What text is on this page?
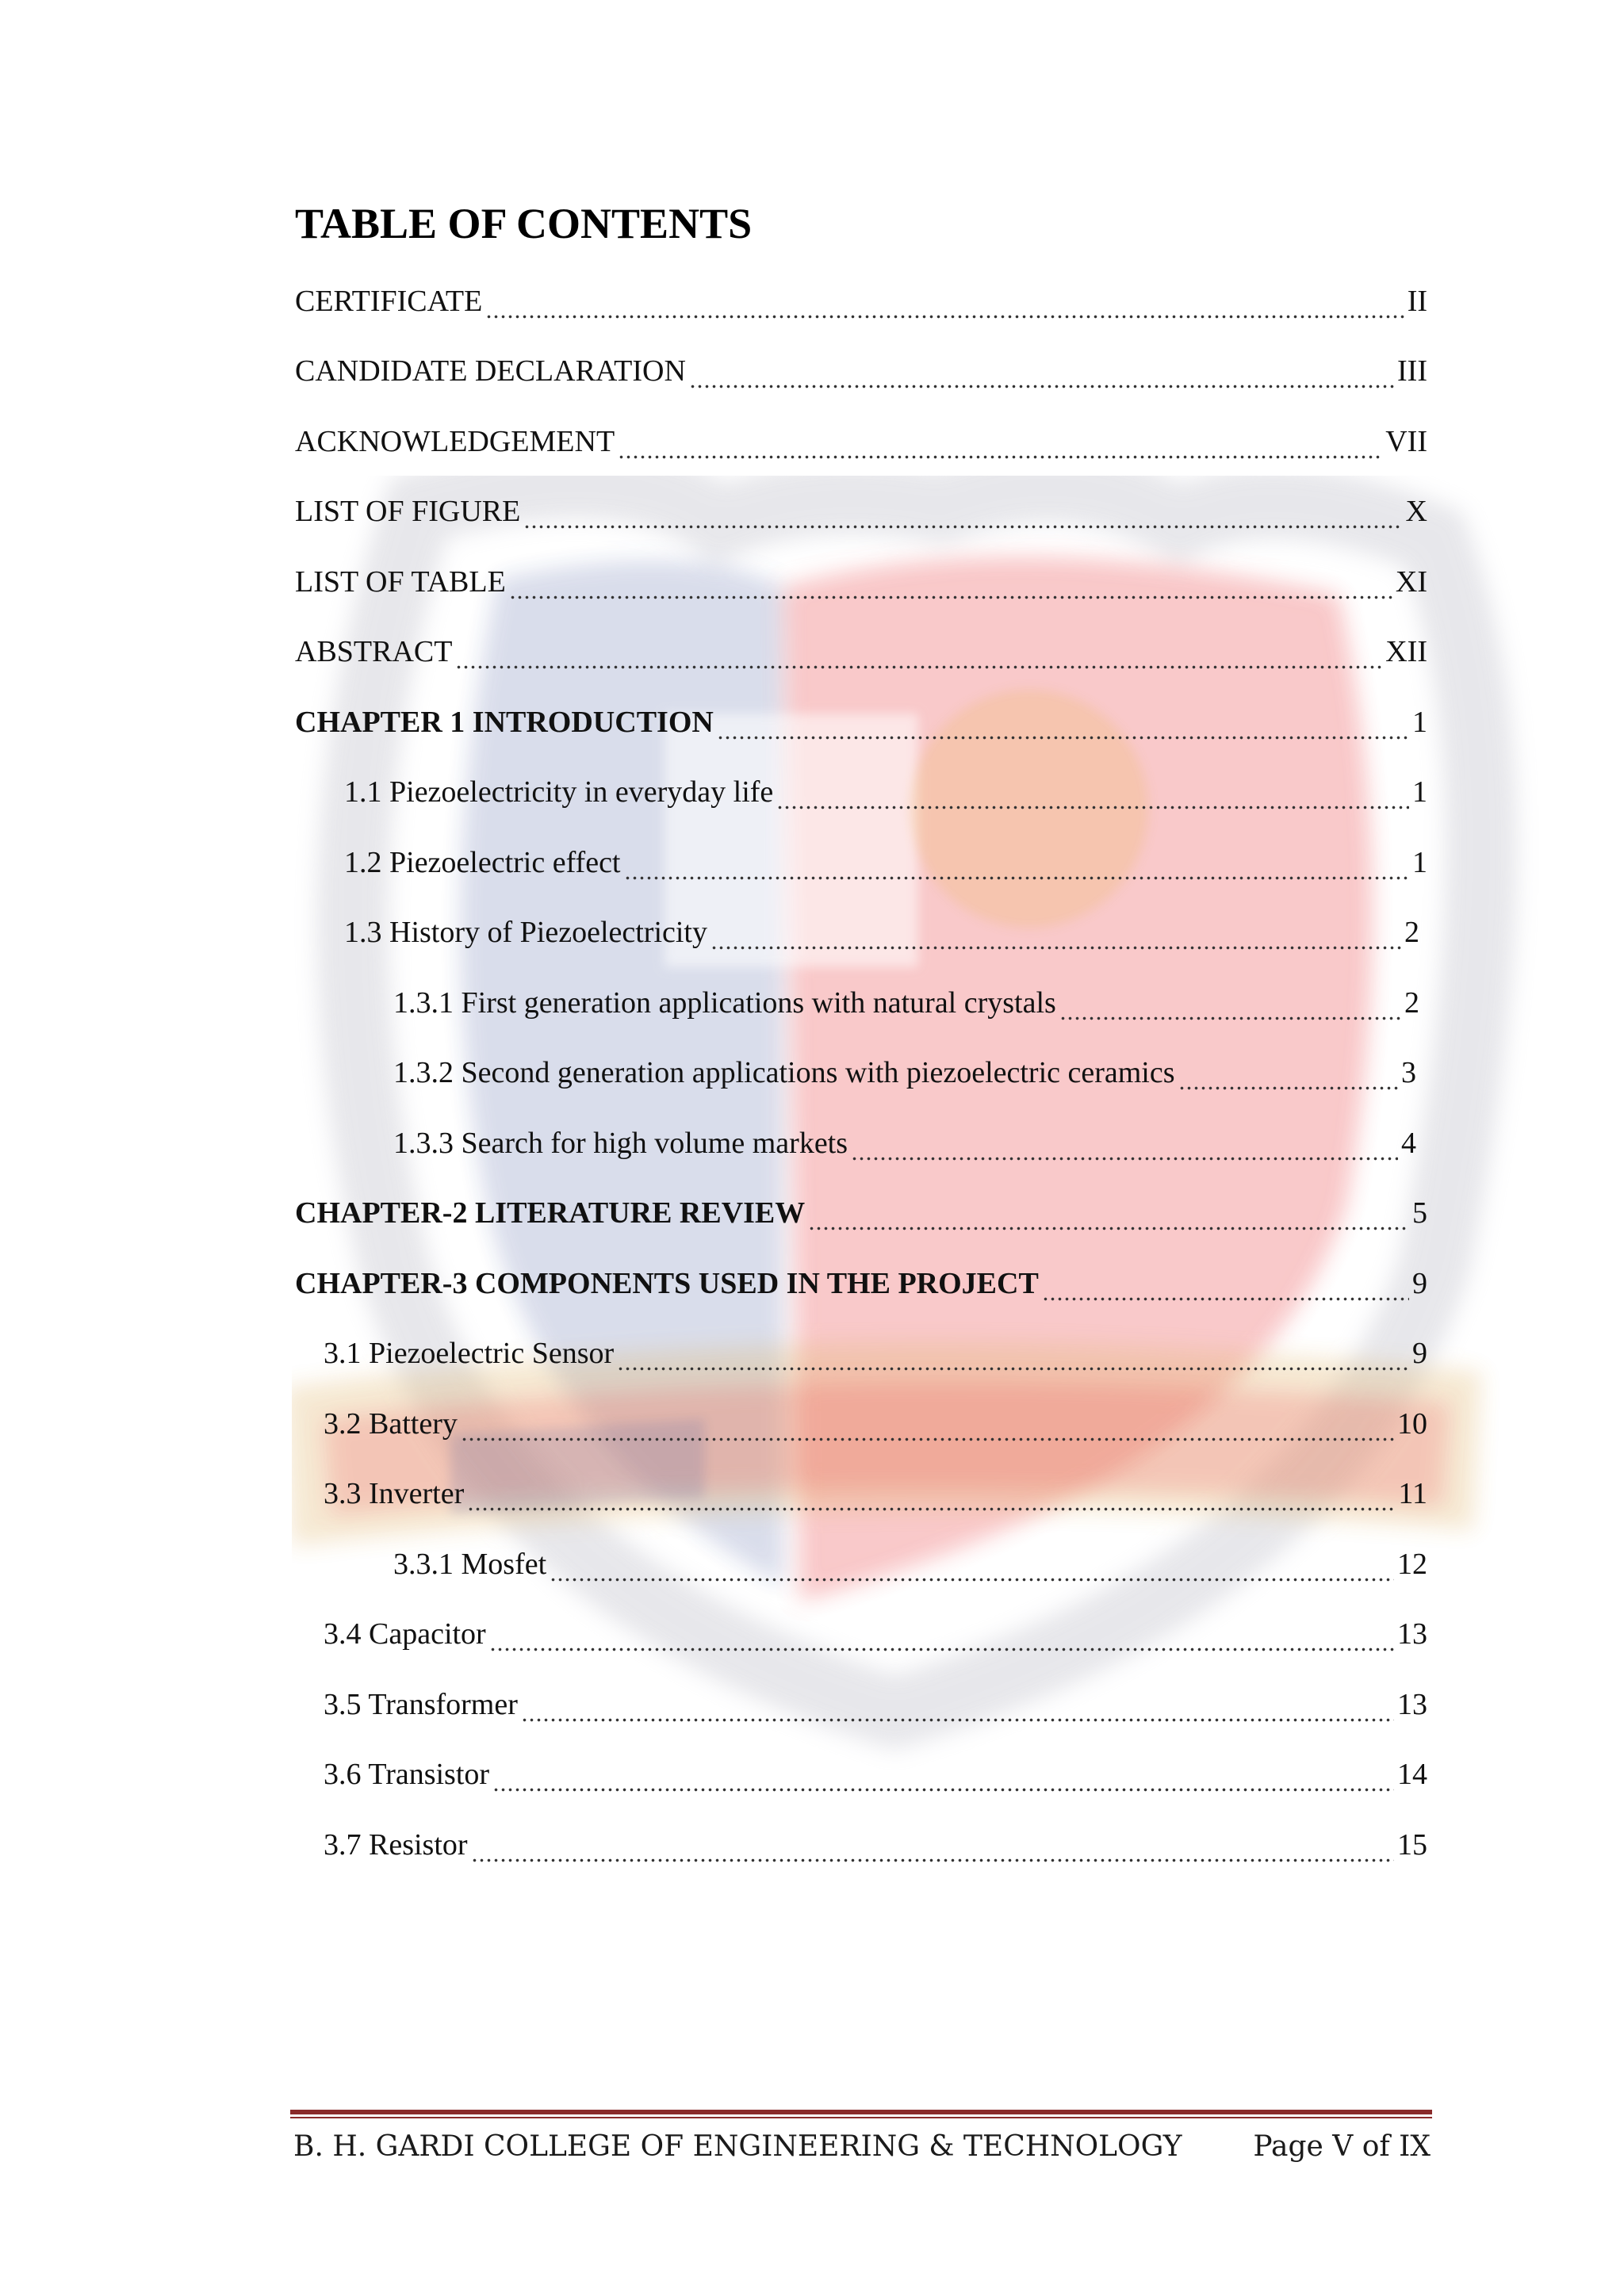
TABLE OF CONTENTS
CERTIFICATE	II
CANDIDATE DECLARATION	III
ACKNOWLEDGEMENT	VII
LIST OF FIGURE	X
LIST OF TABLE	XI
ABSTRACT	XII
CHAPTER 1 INTRODUCTION	1
1.1 Piezoelectricity in everyday life	1
1.2 Piezoelectric effect	1
1.3 History of Piezoelectricity	2
1.3.1 First generation applications with natural crystals	2
1.3.2 Second generation applications with piezoelectric ceramics	3
1.3.3 Search for high volume markets	4
CHAPTER-2 LITERATURE REVIEW	5
CHAPTER-3 COMPONENTS USED IN THE PROJECT	9
3.1 Piezoelectric Sensor	9
3.2 Battery	10
3.3 Inverter	11
3.3.1 Mosfet	12
3.4 Capacitor	13
3.5 Transformer	13
3.6 Transistor	14
3.7 Resistor	15
B. H. GARDI COLLEGE OF ENGINEERING & TECHNOLOGY Page V of IX
